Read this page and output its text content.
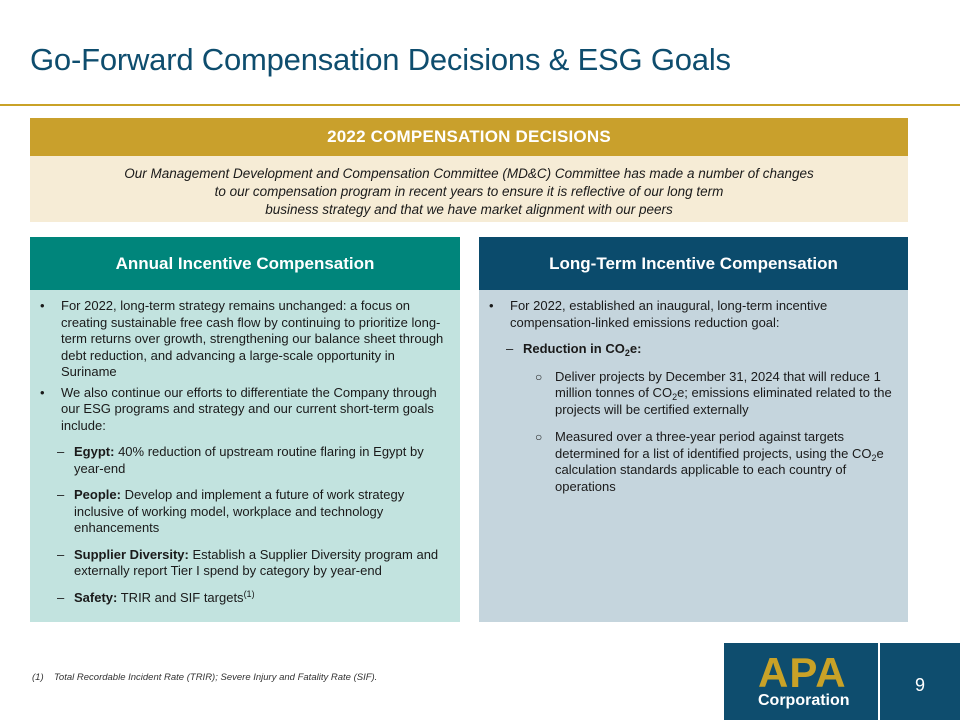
Go-Forward Compensation Decisions & ESG Goals
2022 COMPENSATION DECISIONS
Our Management Development and Compensation Committee (MD&C) Committee has made a number of changes
to our compensation program in recent years to ensure it is reflective of our long term
business strategy and that we have market alignment with our peers
Annual Incentive Compensation
• For 2022, long-term strategy remains unchanged: a focus on creating sustainable free cash flow by continuing to prioritize long-term returns over growth, strengthening our balance sheet through debt reduction, and advancing a large-scale opportunity in Suriname
• We also continue our efforts to differentiate the Company through our ESG programs and strategy and our current short-term goals include:
– Egypt: 40% reduction of upstream routine flaring in Egypt by year-end
– People: Develop and implement a future of work strategy inclusive of working model, workplace and technology enhancements
– Supplier Diversity: Establish a Supplier Diversity program and externally report Tier I spend by category by year-end
– Safety: TRIR and SIF targets$^{(1)}$
Long-Term Incentive Compensation
• For 2022, established an inaugural, long-term incentive compensation-linked emissions reduction goal:
– Reduction in $CO_2e$:
○ Deliver projects by December 31, 2024 that will reduce 1 million tonnes of $CO_2e$; emissions eliminated related to the projects will be certified externally
○ Measured over a three-year period against targets determined for a list of identified projects, using the $CO_2e$ calculation standards applicable to each country of operations
(1) Total Recordable Incident Rate (TRIR); Severe Injury and Fatality Rate (SIF).	APA
Corporation
9
